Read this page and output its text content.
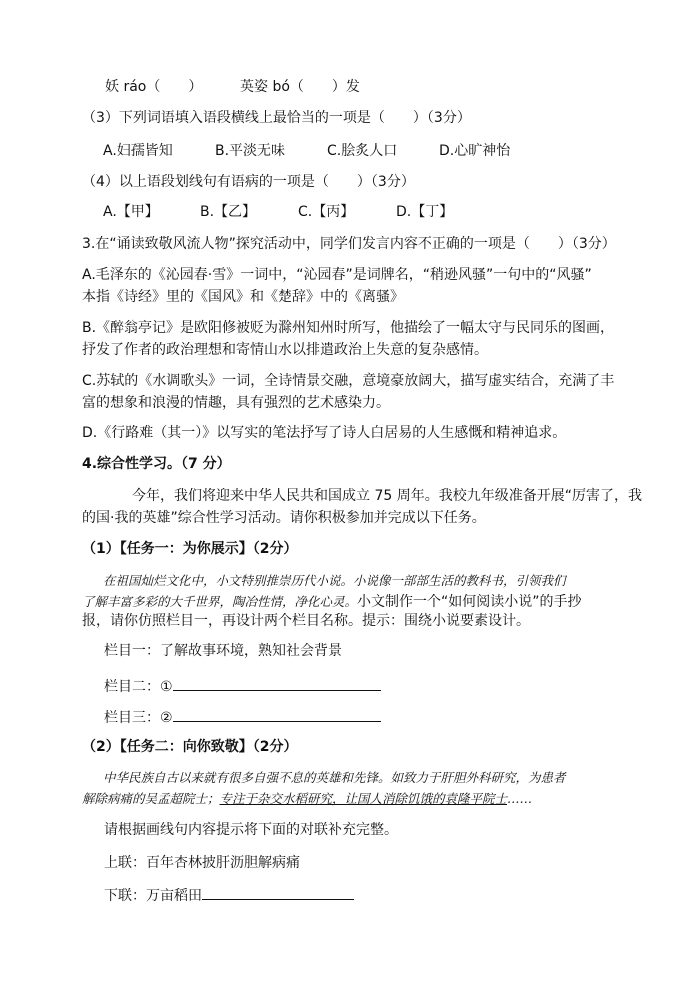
妖 ráo（　　）	英姿 bó（　　）发
（3）下列词语填入语段横线上最恰当的一项是（　　）（3分）
A.妇孺皆知	B.平淡无味	C.脍炙人口	D.心旷神怡
（4）以上语段划线句有语病的一项是（　　）（3分）
A.【甲】	B.【乙】	C.【丙】	D.【丁】
3.在“诵读致敬风流人物”探究活动中，同学们发言内容不正确的一项是（　　）（3分）
A.毛泽东的《沁园春·雪》一词中，“沁园春”是词牌名，“稍逊风骚”一句中的“风骚”
本指《诗经》里的《国风》和《楚辞》中的《离骚》
B.《醉翁亭记》是欧阳修被贬为滁州知州时所写，他描绘了一幅太守与民同乐的图画，
抒发了作者的政治理想和寄情山水以排遣政治上失意的复杂感情。
C.苏轼的《水调歌头》一词，全诗情景交融，意境豪放阔大，描写虚实结合，充满了丰
富的想象和浪漫的情趣，具有强烈的艺术感染力。
D.《行路难（其一）》以写实的笔法抒写了诗人白居易的人生感慨和精神追求。
4.综合性学习。（7 分）
今年，我们将迎来中华人民共和国成立 75 周年。我校九年级准备开展“厉害了，我
的国·我的英雄”综合性学习活动。请你积极参加并完成以下任务。
（1）【任务一：为你展示】（2分）
在祖国灿烂文化中，小文特别推崇历代小说。小说像一部部生活的教科书，引领我们
了解丰富多彩的大千世界，陶冶性情，净化心灵。小文制作一个“如何阅读小说”的手抄
报，请你仿照栏目一，再设计两个栏目名称。提示：围绕小说要素设计。
栏目一：了解故事环境，熟知社会背景
栏目二：①
栏目三：②
（2）【任务二：向你致敬】（2分）
中华民族自古以来就有很多自强不息的英雄和先锋。如致力于肝胆外科研究，为患者
解除病痛的吴孟超院士；专注于杂交水稻研究，让国人消除饥饿的袁隆平院士……
请根据画线句内容提示将下面的对联补充完整。
上联：百年杏林披肝沥胆解病痛
下联：万亩稻田
